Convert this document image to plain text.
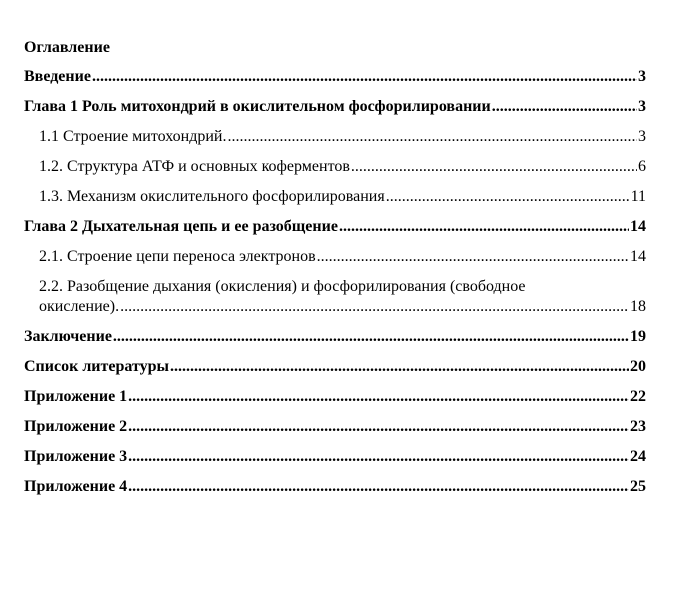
Оглавление
Введение .....	3
Глава 1 Роль митохондрий в окислительном фосфорилировании .....	3
1.1 Строение митохондрий. .....	3
1.2. Структура АТФ и основных коферментов .....	6
1.3. Механизм окислительного фосфорилирования .....	11
Глава 2 Дыхательная цепь и ее разобщение .....	14
2.1. Строение цепи переноса электронов .....	14
2.2. Разобщение дыхания (окисления) и фосфорилирования (свободное
окисление). .....	18
Заключение .....	19
Список литературы .....	20
Приложение 1 .....	22
Приложение 2 .....	23
Приложение 3 .....	24
Приложение 4 .....	25
